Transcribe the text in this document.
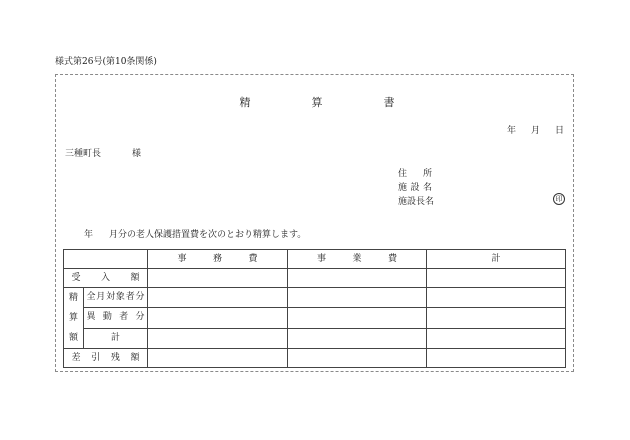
様式第26号(第10条関係)
精	算	書
年 月 日
三種町長	様
住所
施設名
施設長名	印
年 月分の老人保護措置費を次のとおり精算します。
		事務費	事業費	計
受入額				

精
算
額	全月対象者分			
	異動者分			
	計			
差引残額				
